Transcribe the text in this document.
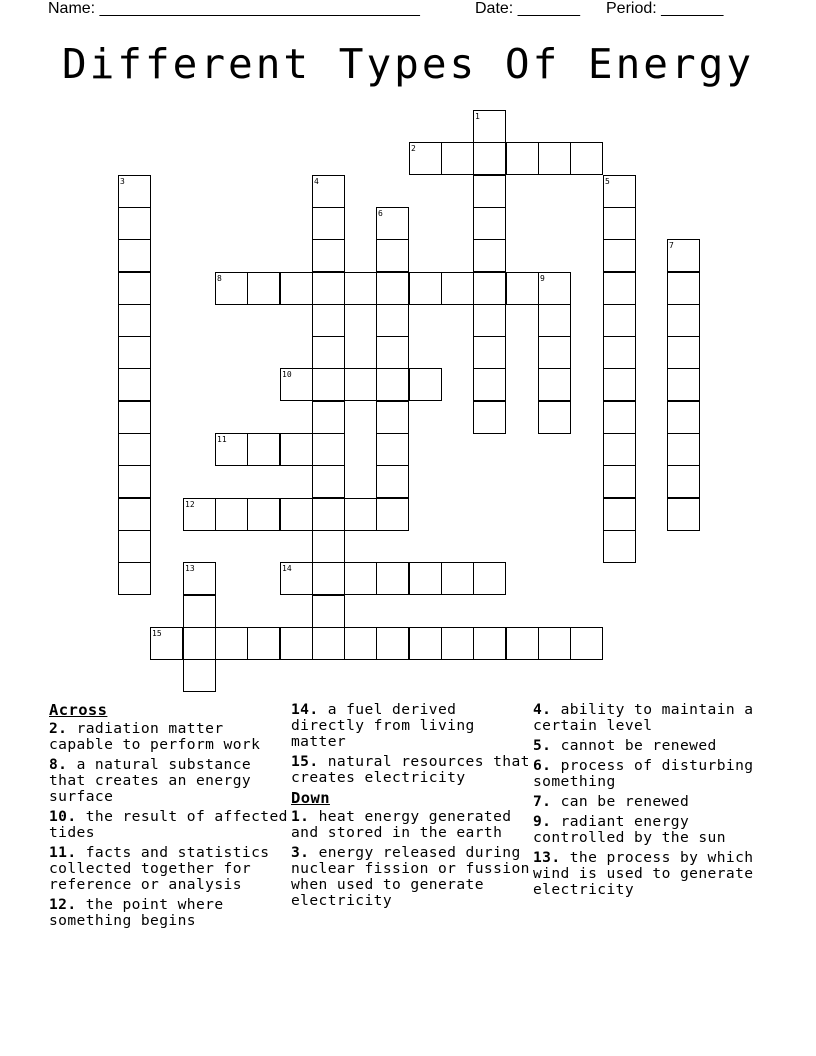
Name: ____________________________________	Date: _______ Period: _______
Different Types Of Energy
1
2
3	4	5
6
7
8	9
10
11
12
13	14
15
Across
2. radiation matter capable to perform work
8. a natural substance that creates an energy surface
10. the result of affected tides
11. facts and statistics collected together for reference or analysis
12. the point where something begins
14. a fuel derived directly from living matter
15. natural resources that creates electricity
Down
1. heat energy generated and stored in the earth
3. energy released during nuclear fission or fussion when used to generate electricity
4. ability to maintain a certain level
5. cannot be renewed
6. process of disturbing something
7. can be renewed
9. radiant energy controlled by the sun
13. the process by which wind is used to generate electricity
